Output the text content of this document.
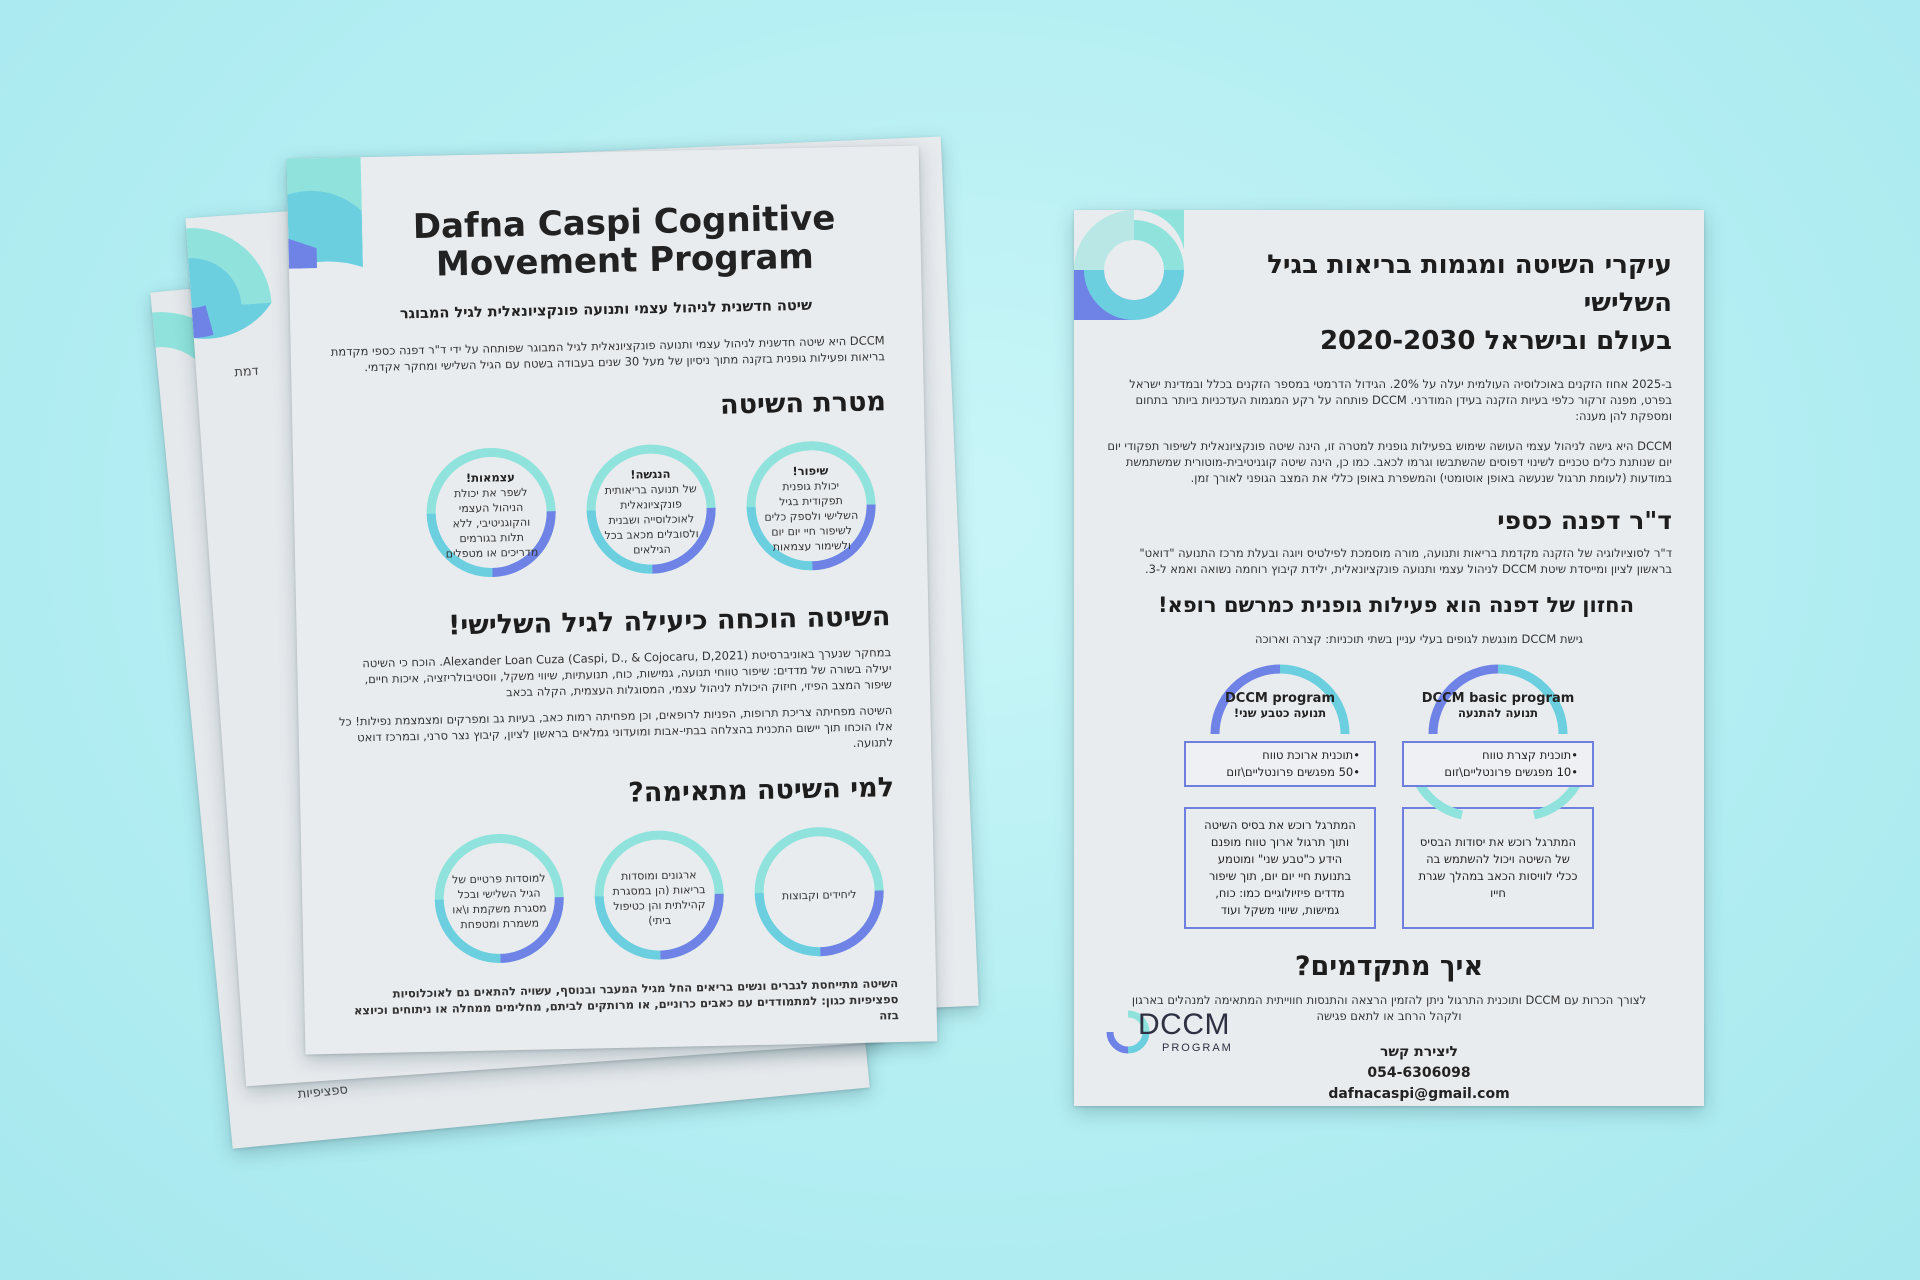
ספציפיות
דמת
Dafna Caspi Cognitive
Movement Program
שיטה חדשנית לניהול עצמי ותנועה פונקציונאלית לגיל המבוגר
DCCM היא שיטה חדשנית לניהול עצמי ותנועה פונקציונאלית לגיל המבוגר שפותחה על ידי ד"ר דפנה כספי מקדמת בריאות ופעילות גופנית בזקנה מתוך ניסיון של מעל 30 שנים בעבודה בשטח עם הגיל השלישי ומחקר אקדמי.
מטרת השיטה
שיפור!
יכולת גופנית תפקודית בגיל השלישי ולספק כלים לשיפור חיי יום יום ולשימור עצמאות
הנגשה!
של תנועה בריאותית פונקציונאלית לאוכלוסייה ושבנית ולסובלים מכאב בכל הגילאים
עצמאות!
לשפר את יכולת הניהול העצמי והקוגניטיבי, ללא תלות בגורמים מדריכים או מטפלים
השיטה הוכחה כיעילה לגיל השלישי!
במחקר שנערך באוניברסיטת Alexander Loan Cuza (Caspi, D., & Cojocaru, D,2021). הוכח כי השיטה יעילה בשורה של מדדים: שיפור טווחי תנועה, גמישות, כוח, תנועתיות, שיווי משקל, ווסטיבולריזציה, איכות חיים, שיפור המצב הפיזי, חיזוק היכולת לניהול עצמי, המסוגלות העצמית, הקלה בכאב
השיטה מפחיתה צריכת תרופות, הפניות לרופאים, וכן מפחיתה רמות כאב, בעיות גב ומפרקים ומצמצמת נפילות! כל אלו הוכחו תוך יישום התכנית בהצלחה בבתי-אבות ומועדוני גמלאים בראשון לציון, קיבוץ נצר סרני, ובמרכז דואט לתנועה.
למי השיטה מתאימה?
ליחידים וקבוצות
ארגונים ומוסדות בריאות (הן במסגרת קהילתית והן כטיפול ביתי)
למוסדות פרטיים של הגיל השלישי ובכל מסגרת משקמת ו\או משמרת ומטפחת
השיטה מתייחסת לגברים ונשים בריאים החל מגיל המעבר ובנוסף, עשויה להתאים גם לאוכלוסיות ספציפיות כגון: למתמודדים עם כאבים כרוניים, או מרותקים לביתם, מחלימים ממחלה או ניתוחים וכיוצא בזה
עיקרי השיטה ומגמות בריאות בגיל השלישי
בעולם ובישראל 2020-2030
ב-2025 אחוז הזקנים באוכלוסיה העולמית יעלה על 20%. הגידול הדרמטי במספר הזקנים בכלל ובמדינת ישראל בפרט, מפנה זרקור כלפי בעיות הזקנה בעידן המודרני. DCCM פותחה על רקע המגמות העדכניות ביותר בתחום ומספקת להן מענה:
DCCM היא גישה לניהול עצמי העושה שימוש בפעילות גופנית למטרה זו, הינה שיטה פונקציונאלית לשיפור תפקודי יום יום שנותנת כלים טכניים לשינוי דפוסים שהשתבשו וגרמו לכאב. כמו כן, הינה שיטה קוגניטיבית-מוטורית שמשתמשת במודעות (לעומת תרגול שנעשה באופן אוטומטי) והמשפרת באופן כללי את המצב הגופני לאורך זמן.
ד"ר דפנה כספי
ד"ר לסוציולוגיה של הזקנה מקדמת בריאות ותנועה, מורה מוסמכת לפילטיס ויוגה ובעלת מרכז התנועה "דואט" בראשון לציון ומייסדת שיטת DCCM לניהול עצמי ותנועה פונקציונאלית, ילידת קיבוץ רוחמה נשואה ואמא ל-3.
החזון של דפנה הוא פעילות גופנית כמרשם רופא!
גישת DCCM מונגשת לגופים בעלי עניין בשתי תוכניות: קצרה וארוכה
DCCM basic program
תנועה להתנעה
•תוכנית קצרת טווח
•10 מפגשים פרונטליים\זום
המתרגל רוכש את יסודות הבסיס של השיטה ויכול להשתמש בה ככלי לוויסות הכאב במהלך שגרת חייו
DCCM program
תנועה כטבע שני!
•תוכנית ארוכת טווח
•50 מפגשים פרונטליים\זום
המתרגל רוכש את בסיס השיטה ותוך תרגול ארוך טווח מופנם הידע כ"טבע שני" ומוטמע בתנועת חיי יום יום, תוך שיפור מדדים פיזיולוגיים כמו: כוח, גמישות, שיווי משקל ועוד
איך מתקדמים?
לצורך הכרות עם DCCM ותוכנית התרגול ניתן להזמין הרצאה והתנסות חווייתית המתאימה למנהלים בארגון ולקהל הרחב או לתאם פגישה
ליצירת קשר
054-6306098
dafnacaspi@gmail.com
DCCM
PROGRAM
